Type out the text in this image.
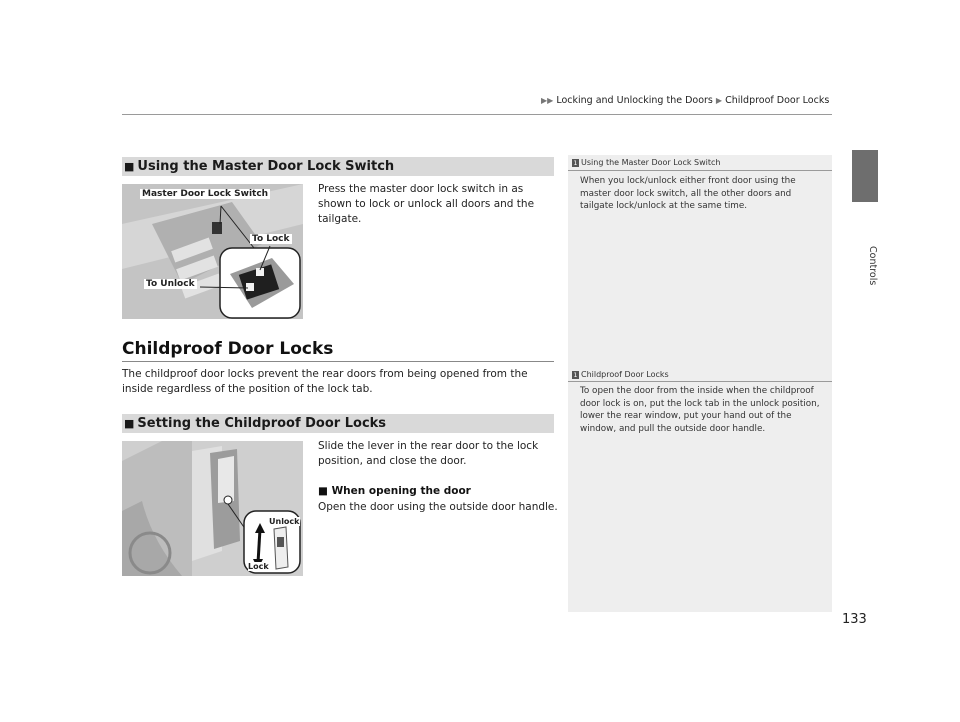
▶▶ Locking and Unlocking the Doors ▶ Childproof Door Locks
Controls
■ Using the Master Door Lock Switch
Master Door Lock Switch
To Lock
To Unlock
Press the master door lock switch in as shown to lock or unlock all doors and the tailgate.
1 Using the Master Door Lock Switch
When you lock/unlock either front door using the master door lock switch, all the other doors and tailgate lock/unlock at the same time.
Childproof Door Locks
The childproof door locks prevent the rear doors from being opened from the inside regardless of the position of the lock tab.
1 Childproof Door Locks
To open the door from the inside when the childproof door lock is on, put the lock tab in the unlock position, lower the rear window, put your hand out of the window, and pull the outside door handle.
■ Setting the Childproof Door Locks
Unlock
Lock
Slide the lever in the rear door to the lock position, and close the door.
■ When opening the door
Open the door using the outside door handle.
133
